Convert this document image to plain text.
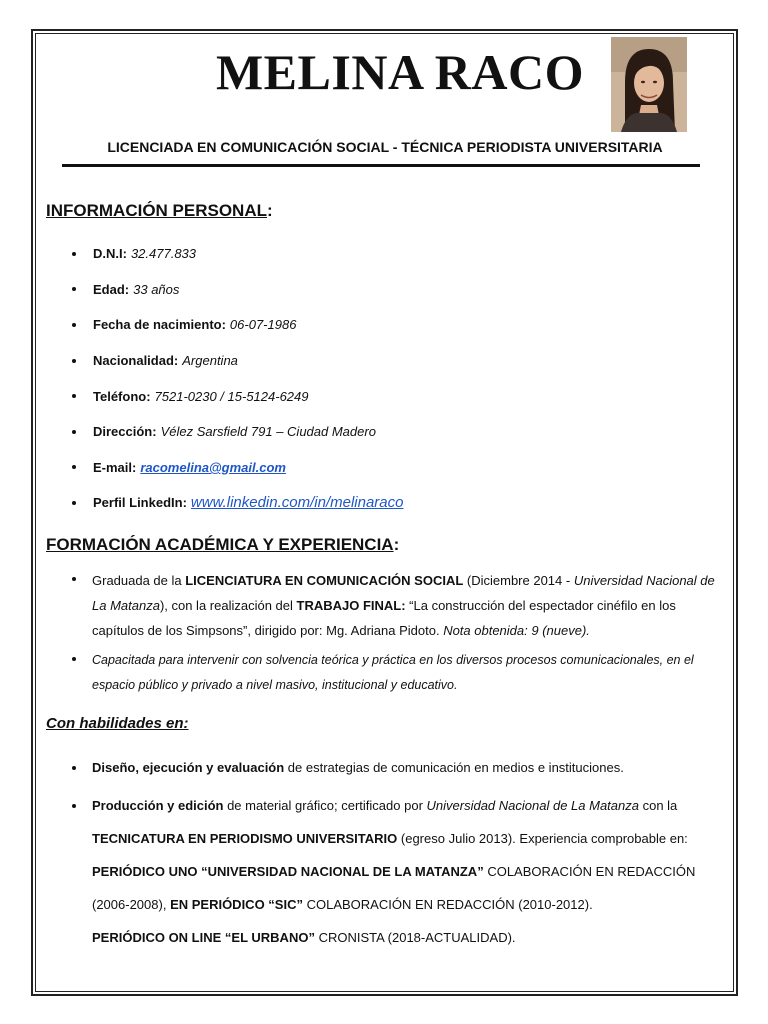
MELINA RACO
LICENCIADA EN COMUNICACIÓN SOCIAL - TÉCNICA PERIODISTA UNIVERSITARIA
INFORMACIÓN PERSONAL:
D.N.I: 32.477.833
Edad: 33 años
Fecha de nacimiento: 06-07-1986
Nacionalidad: Argentina
Teléfono: 7521-0230 / 15-5124-6249
Dirección: Vélez Sarsfield 791 – Ciudad Madero
E-mail: racomelina@gmail.com
Perfil LinkedIn: www.linkedin.com/in/melinaraco
FORMACIÓN ACADÉMICA Y EXPERIENCIA:
Graduada de la LICENCIATURA EN COMUNICACIÓN SOCIAL (Diciembre 2014 - Universidad Nacional de La Matanza), con la realización del TRABAJO FINAL: “La construcción del espectador cinéfilo en los capítulos de los Simpsons”, dirigido por: Mg. Adriana Pidoto. Nota obtenida: 9 (nueve).
Capacitada para intervenir con solvencia teórica y práctica en los diversos procesos comunicacionales, en el espacio público y privado a nivel masivo, institucional y educativo.
Con habilidades en:
Diseño, ejecución y evaluación de estrategias de comunicación en medios e instituciones.
Producción y edición de material gráfico; certificado por Universidad Nacional de La Matanza con la
TECNICATURA EN PERIODISMO UNIVERSITARIO (egreso Julio 2013). Experiencia comprobable en:
PERIÓDICO UNO “UNIVERSIDAD NACIONAL DE LA MATANZA” COLABORACIÓN EN REDACCIÓN
(2006-2008), EN PERIÓDICO “SIC” COLABORACIÓN EN REDACCIÓN (2010-2012).
PERIÓDICO ON LINE “EL URBANO” CRONISTA (2018-ACTUALIDAD).
